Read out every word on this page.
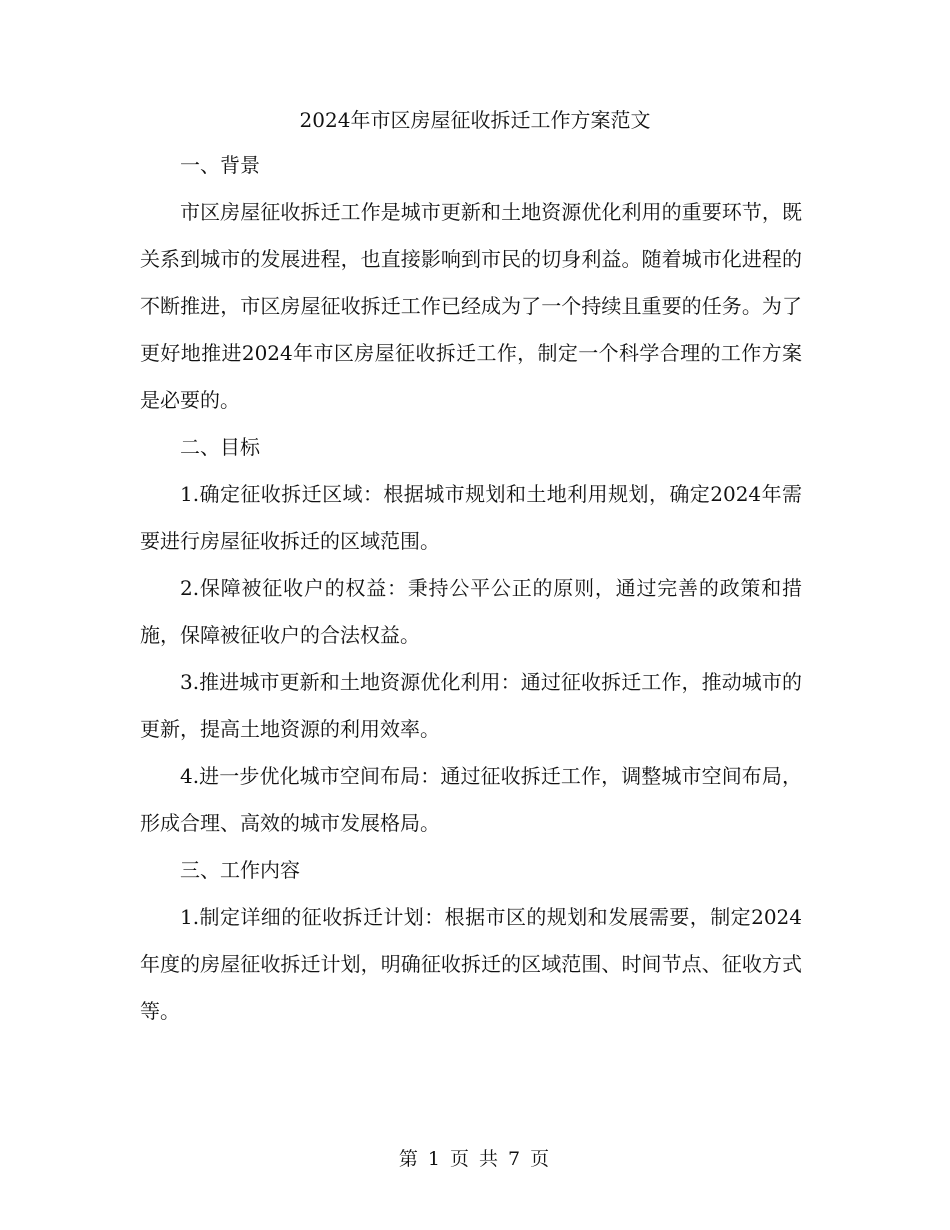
2024年市区房屋征收拆迁工作方案范文

一、背景

市区房屋征收拆迁工作是城市更新和土地资源优化利用的重要环节，既关系到城市的发展进程，也直接影响到市民的切身利益。随着城市化进程的不断推进，市区房屋征收拆迁工作已经成为了一个持续且重要的任务。为了更好地推进2024年市区房屋征收拆迁工作，制定一个科学合理的工作方案是必要的。

二、目标

1.确定征收拆迁区域：根据城市规划和土地利用规划，确定2024年需要进行房屋征收拆迁的区域范围。

2.保障被征收户的权益：秉持公平公正的原则，通过完善的政策和措施，保障被征收户的合法权益。

3.推进城市更新和土地资源优化利用：通过征收拆迁工作，推动城市的更新，提高土地资源的利用效率。

4.进一步优化城市空间布局：通过征收拆迁工作，调整城市空间布局，形成合理、高效的城市发展格局。

三、工作内容

1.制定详细的征收拆迁计划：根据市区的规划和发展需要，制定2024年度的房屋征收拆迁计划，明确征收拆迁的区域范围、时间节点、征收方式等。

第 1 页 共 7 页
